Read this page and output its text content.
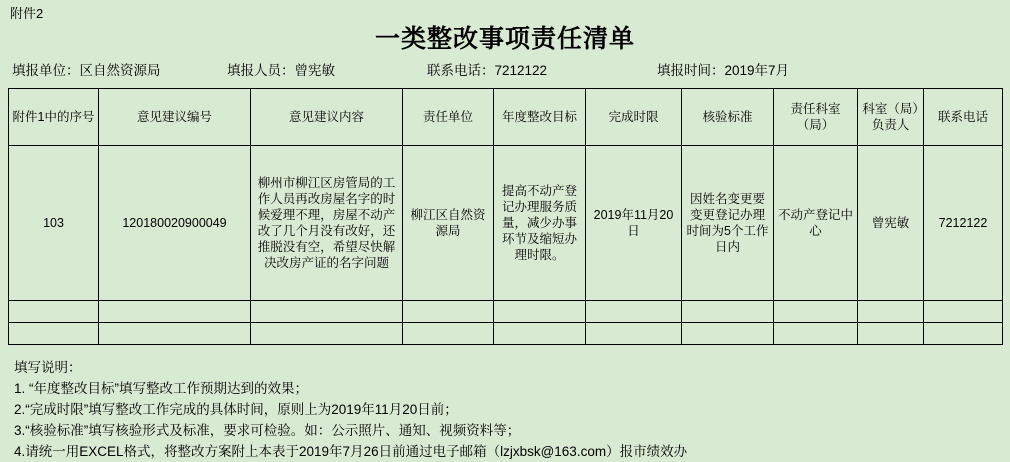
附件2
一类整改事项责任清单
填报单位：区自然资源局	填报人员：曾宪敏	联系电话：7212122	填报时间：2019年7月
附件1中的序号	意见建议编号	意见建议内容	责任单位	年度整改目标	完成时限	核验标准	责任科室（局）	科室（局）负责人	联系电话
103	120180020900049	柳州市柳江区房管局的工作人员再改房屋名字的时候爱理不理，房屋不动产改了几个月没有改好，还推脱没有空，希望尽快解决改房产证的名字问题	柳江区自然资源局	提高不动产登记办理服务质量，减少办事环节及缩短办理时限。	2019年11月20日	因姓名变更要变更登记办理时间为5个工作日内	不动产登记中心	曾宪敏	7212122

填写说明：
1. “年度整改目标”填写整改工作预期达到的效果；
2.“完成时限”填写整改工作完成的具体时间，原则上为2019年11月20日前；
3.“核验标准”填写核验形式及标准，要求可检验。如：公示照片、通知、视频资料等；
4.请统一用EXCEL格式，将整改方案附上本表于2019年7月26日前通过电子邮箱（lzjxbsk@163.com）报市绩效办
